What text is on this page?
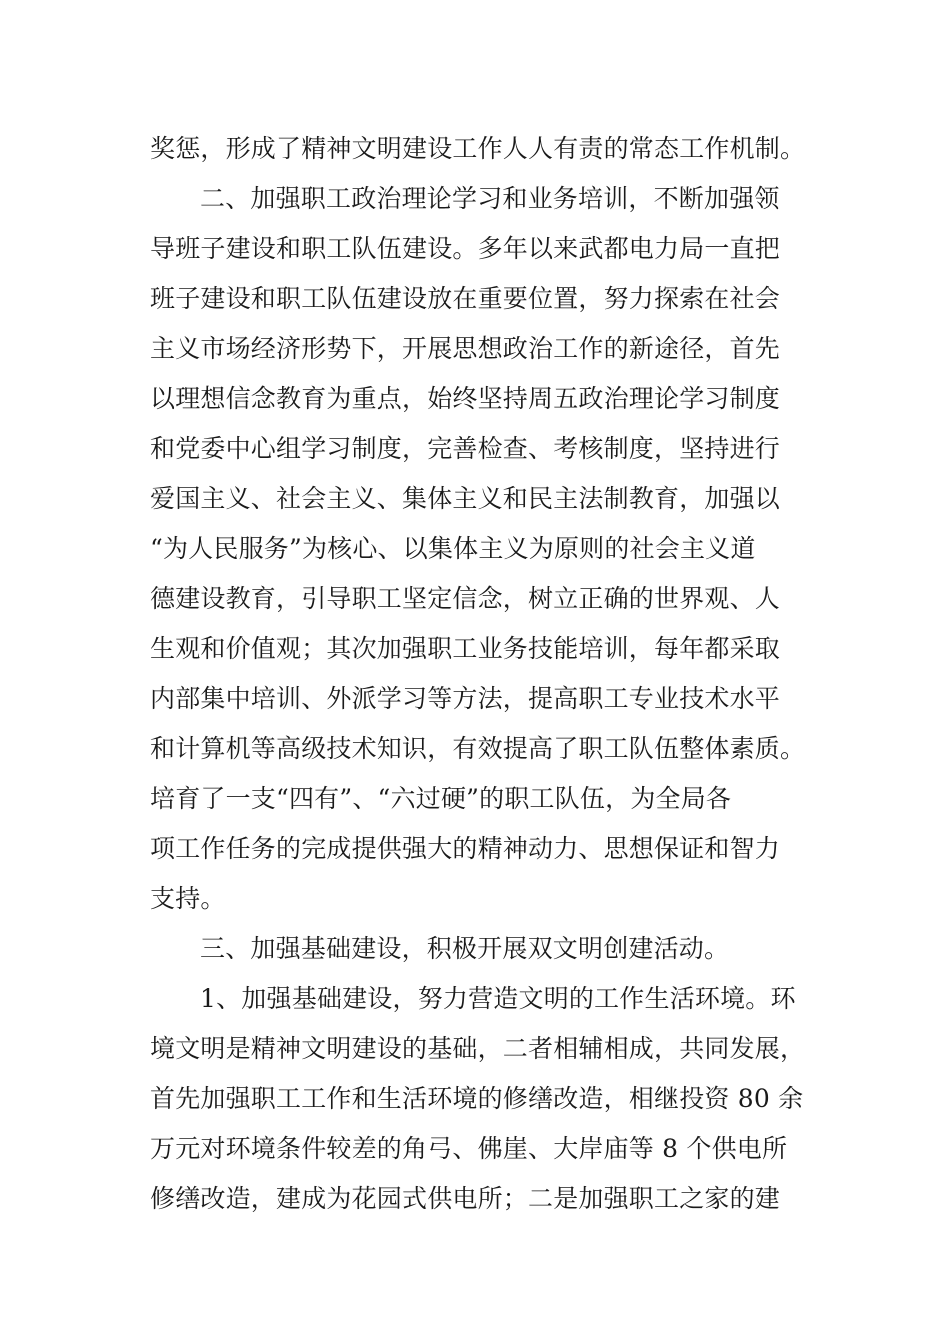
奖惩，形成了精神文明建设工作人人有责的常态工作机制。
二、加强职工政治理论学习和业务培训，不断加强领
导班子建设和职工队伍建设。多年以来武都电力局一直把
班子建设和职工队伍建设放在重要位置，努力探索在社会
主义市场经济形势下，开展思想政治工作的新途径，首先
以理想信念教育为重点，始终坚持周五政治理论学习制度
和党委中心组学习制度，完善检查、考核制度，坚持进行
爱国主义、社会主义、集体主义和民主法制教育，加强以
“为人民服务”为核心、以集体主义为原则的社会主义道
德建设教育，引导职工坚定信念，树立正确的世界观、人
生观和价值观；其次加强职工业务技能培训，每年都采取
内部集中培训、外派学习等方法，提高职工专业技术水平
和计算机等高级技术知识，有效提高了职工队伍整体素质。
培育了一支“四有”、“六过硬”的职工队伍，为全局各
项工作任务的完成提供强大的精神动力、思想保证和智力
支持。
三、加强基础建设，积极开展双文明创建活动。
1、加强基础建设，努力营造文明的工作生活环境。环
境文明是精神文明建设的基础，二者相辅相成，共同发展，
首先加强职工工作和生活环境的修缮改造，相继投资 80 余
万元对环境条件较差的角弓、佛崖、大岸庙等 8 个供电所
修缮改造，建成为花园式供电所；二是加强职工之家的建
